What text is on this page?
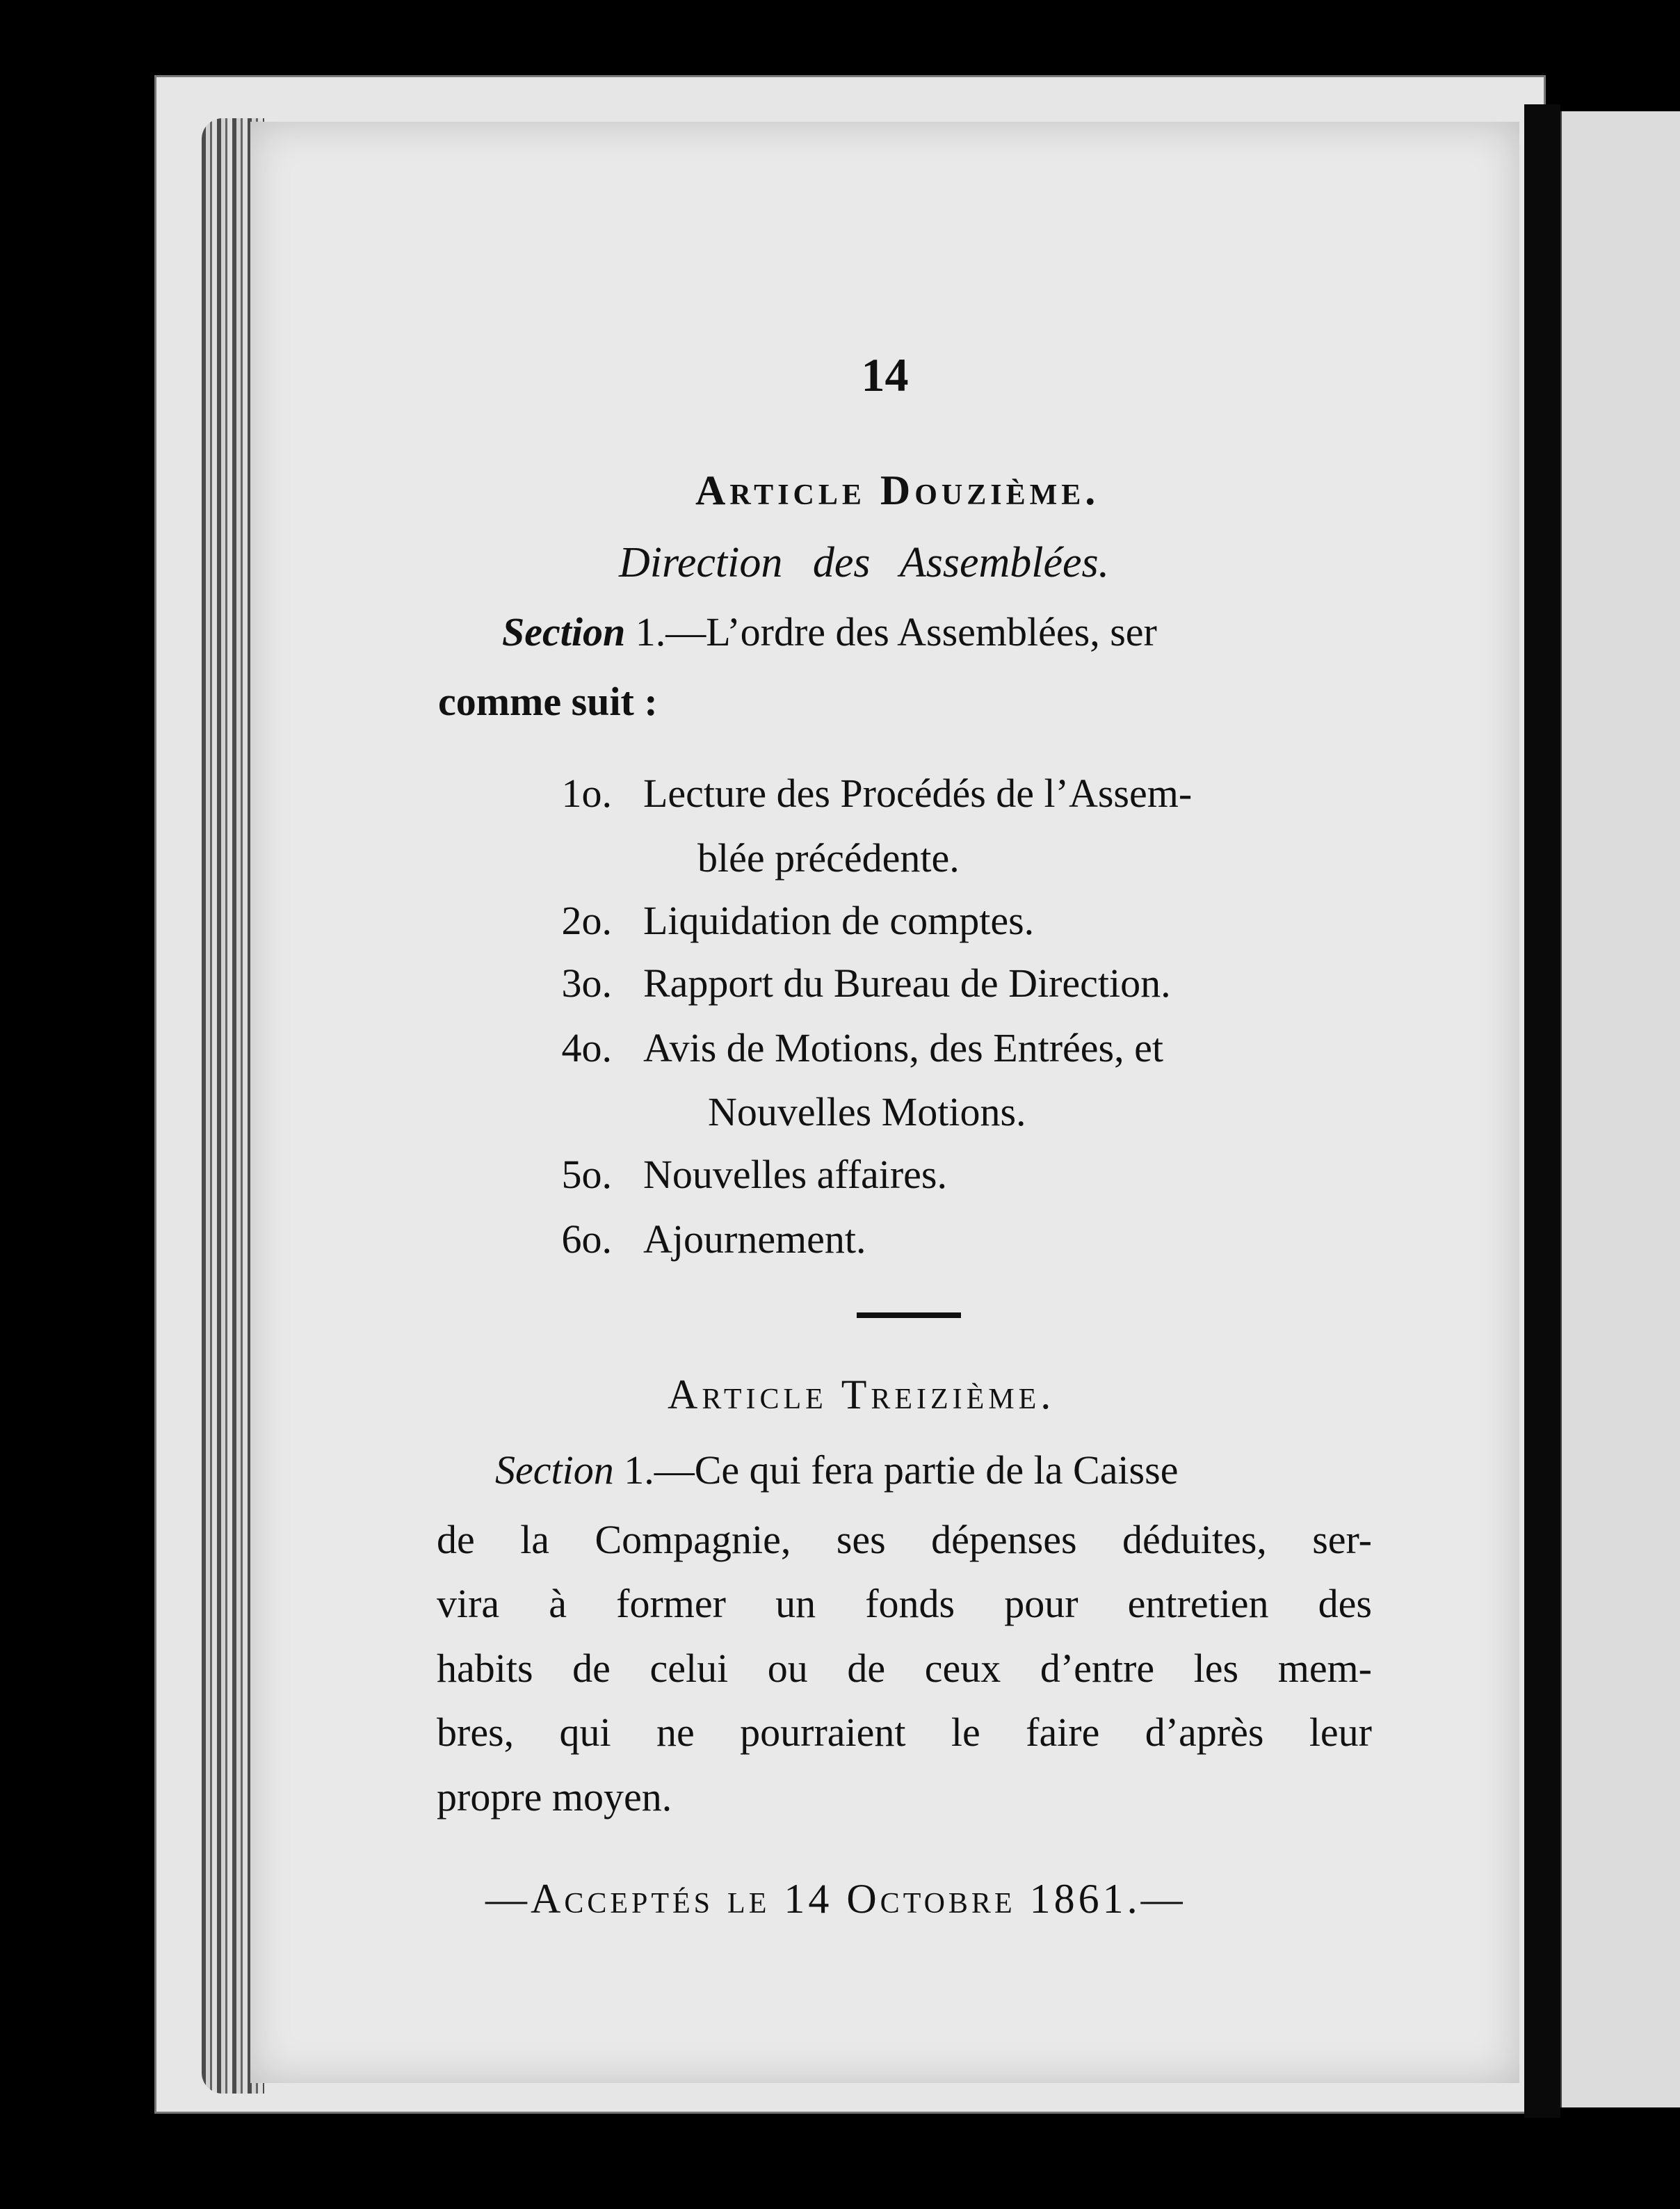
14
Article Douzième.
Direction des Assemblées.
Section 1.—L’ordre des Assemblées, ser
comme suit :
1o. Lecture des Procédés de l’Assem-
blée précédente.
2o. Liquidation de comptes.
3o. Rapport du Bureau de Direction.
4o. Avis de Motions, des Entrées, et
Nouvelles Motions.
5o. Nouvelles affaires.
6o. Ajournement.
Article Treizième.
Section 1.—Ce qui fera partie de la Caisse
de la Compagnie, ses dépenses déduites, ser-
vira à former un fonds pour entretien des
habits de celui ou de ceux d’entre les mem-
bres, qui ne pourraient le faire d’après leur
propre moyen.
—Acceptés le 14 Octobre 1861.—
